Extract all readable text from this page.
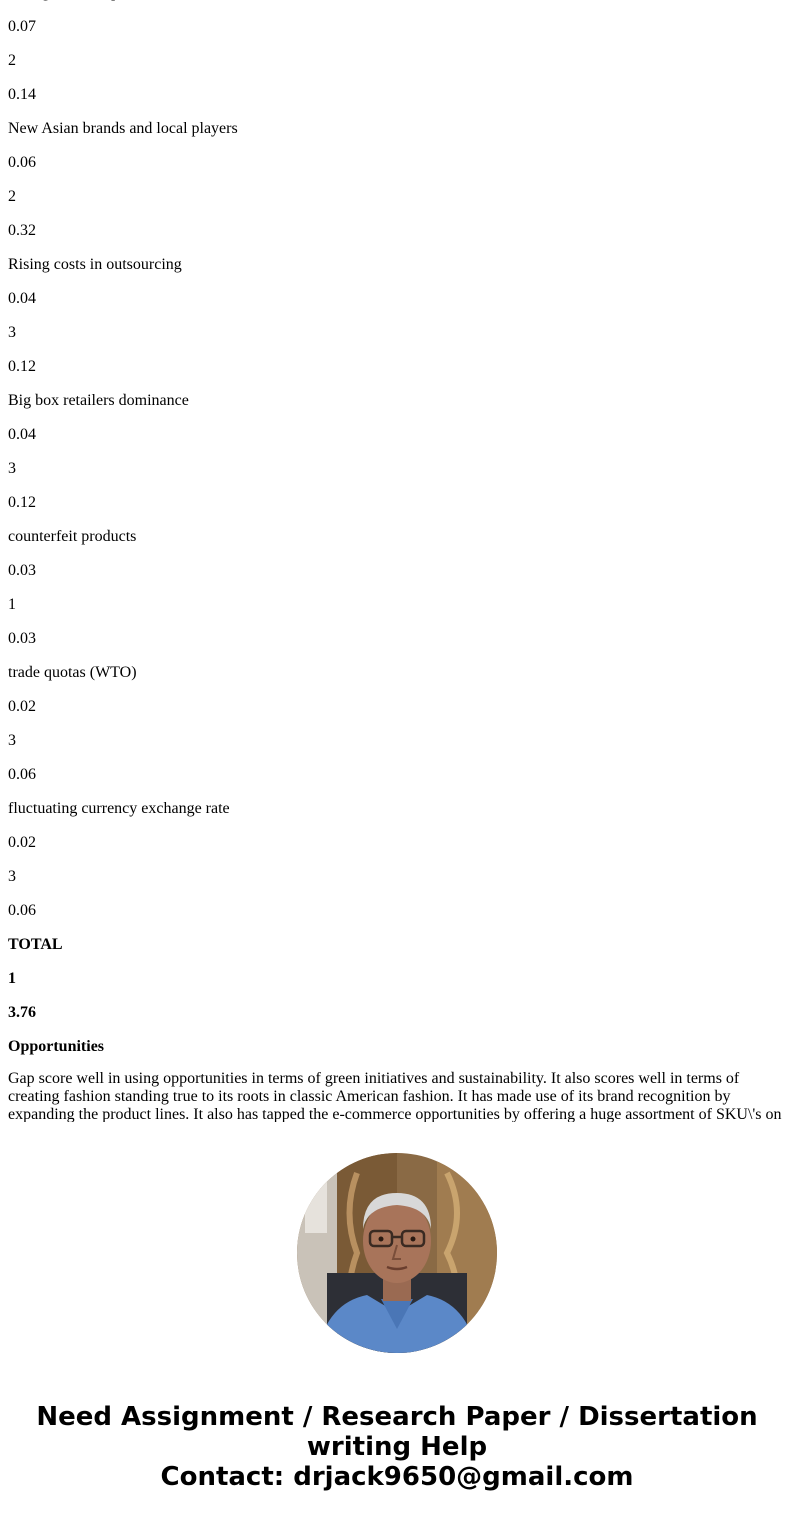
0.07

2

0.14

New Asian brands and local players

0.06

2

0.32

Rising costs in outsourcing

0.04

3

0.12

Big box retailers dominance

0.04

3

0.12

counterfeit products

0.03

1

0.03

trade quotas (WTO)

0.02

3

0.06

fluctuating currency exchange rate

0.02

3

0.06

TOTAL

1

3.76

Opportunities

Gap score well in using opportunities in terms of green initiatives and sustainability. It also scores well in terms of creating fashion standing true to its roots in classic American fashion. It has made use of its brand recognition by expanding the product lines. It also has tapped the e-commerce opportunities by offering a huge assortment of SKU\'s on

Need Assignment / Research Paper / Dissertation
writing Help
Contact: drjack9650@gmail.com
